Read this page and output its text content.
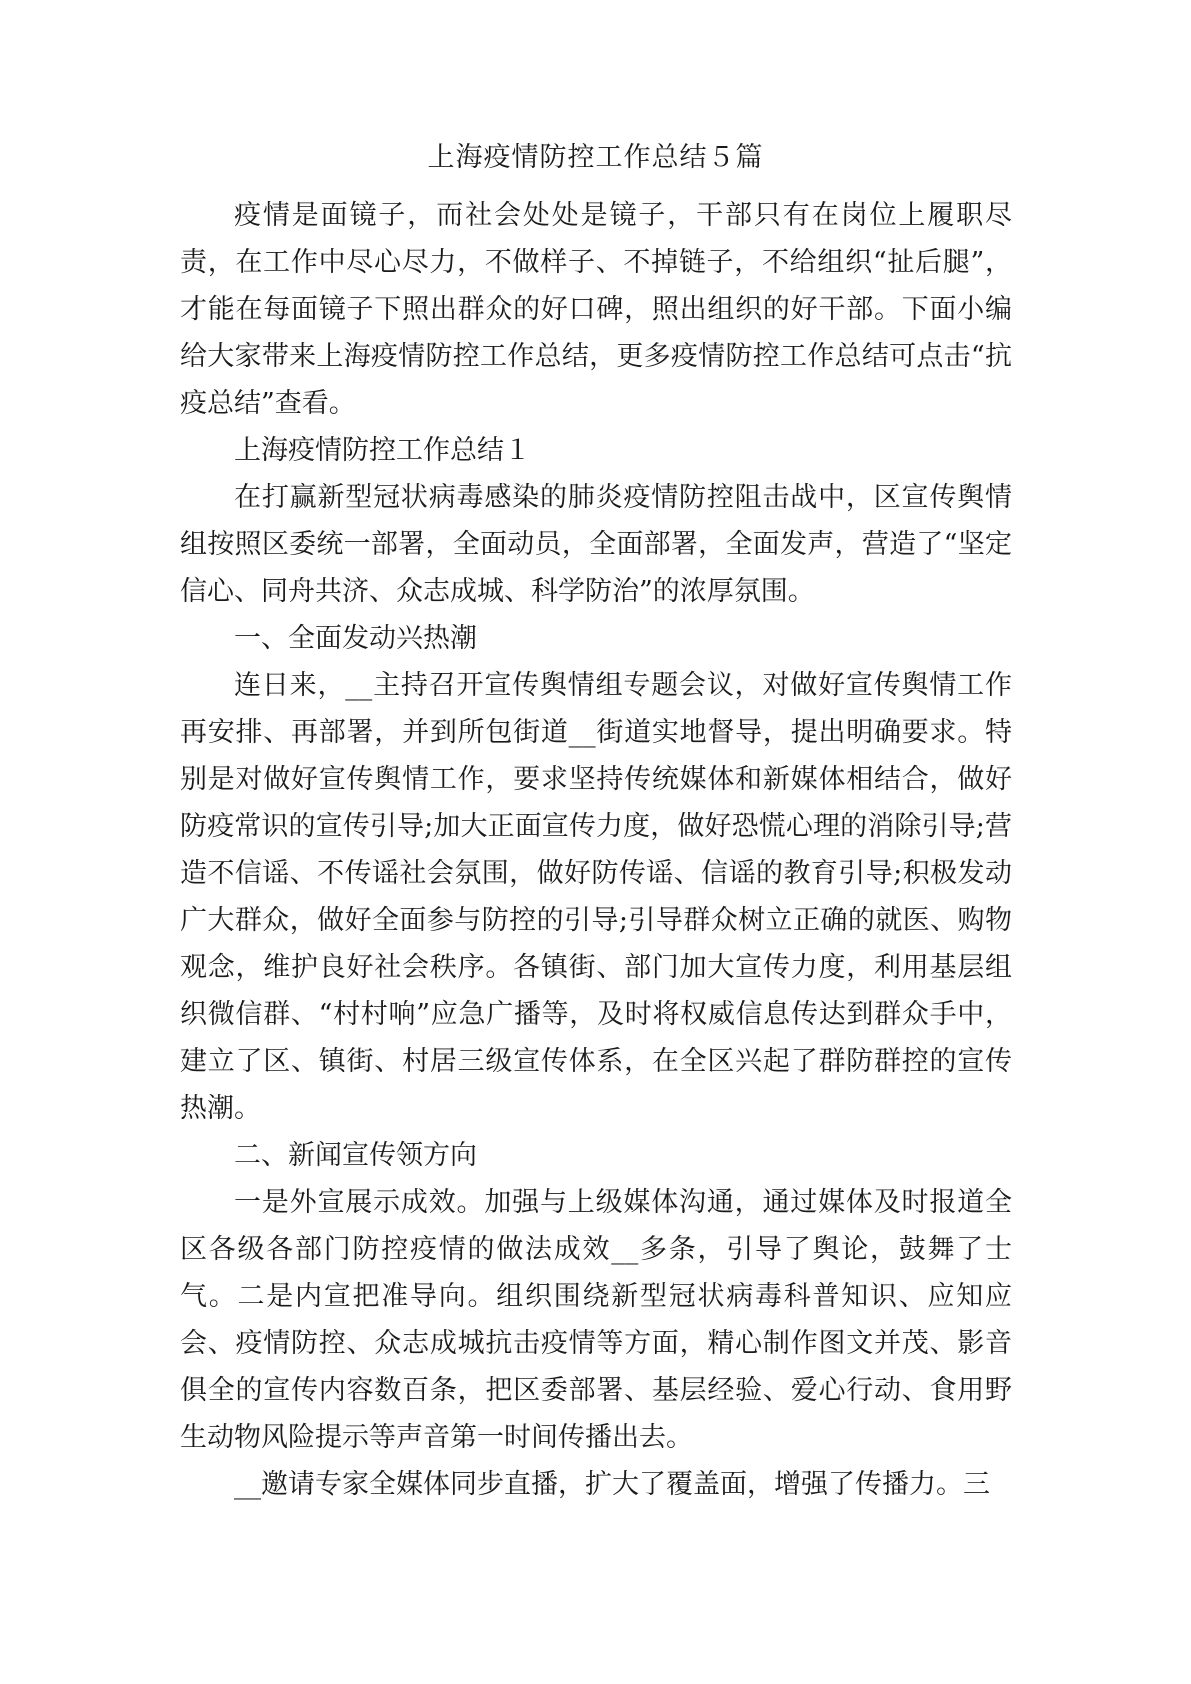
上海疫情防控工作总结５篇

疫情是面镜子，而社会处处是镜子，干部只有在岗位上履职尽责，在工作中尽心尽力，不做样子、不掉链子，不给组织“扯后腿”，才能在每面镜子下照出群众的好口碑，照出组织的好干部。下面小编给大家带来上海疫情防控工作总结，更多疫情防控工作总结可点击“抗疫总结”查看。

上海疫情防控工作总结１

在打赢新型冠状病毒感染的肺炎疫情防控阻击战中，区宣传舆情组按照区委统一部署，全面动员，全面部署，全面发声，营造了“坚定信心、同舟共济、众志成城、科学防治”的浓厚氛围。

一、全面发动兴热潮

连日来，__主持召开宣传舆情组专题会议，对做好宣传舆情工作再安排、再部署，并到所包街道__街道实地督导，提出明确要求。特别是对做好宣传舆情工作，要求坚持传统媒体和新媒体相结合，做好防疫常识的宣传引导;加大正面宣传力度，做好恐慌心理的消除引导;营造不信谣、不传谣社会氛围，做好防传谣、信谣的教育引导;积极发动广大群众，做好全面参与防控的引导;引导群众树立正确的就医、购物观念，维护良好社会秩序。各镇街、部门加大宣传力度，利用基层组织微信群、“村村响”应急广播等，及时将权威信息传达到群众手中，建立了区、镇街、村居三级宣传体系，在全区兴起了群防群控的宣传热潮。

二、新闻宣传领方向

一是外宣展示成效。加强与上级媒体沟通，通过媒体及时报道全区各级各部门防控疫情的做法成效__多条，引导了舆论，鼓舞了士气。二是内宣把准导向。组织围绕新型冠状病毒科普知识、应知应会、疫情防控、众志成城抗击疫情等方面，精心制作图文并茂、影音俱全的宣传内容数百条，把区委部署、基层经验、爱心行动、食用野生动物风险提示等声音第一时间传播出去。

__邀请专家全媒体同步直播，扩大了覆盖面，增强了传播力。三
